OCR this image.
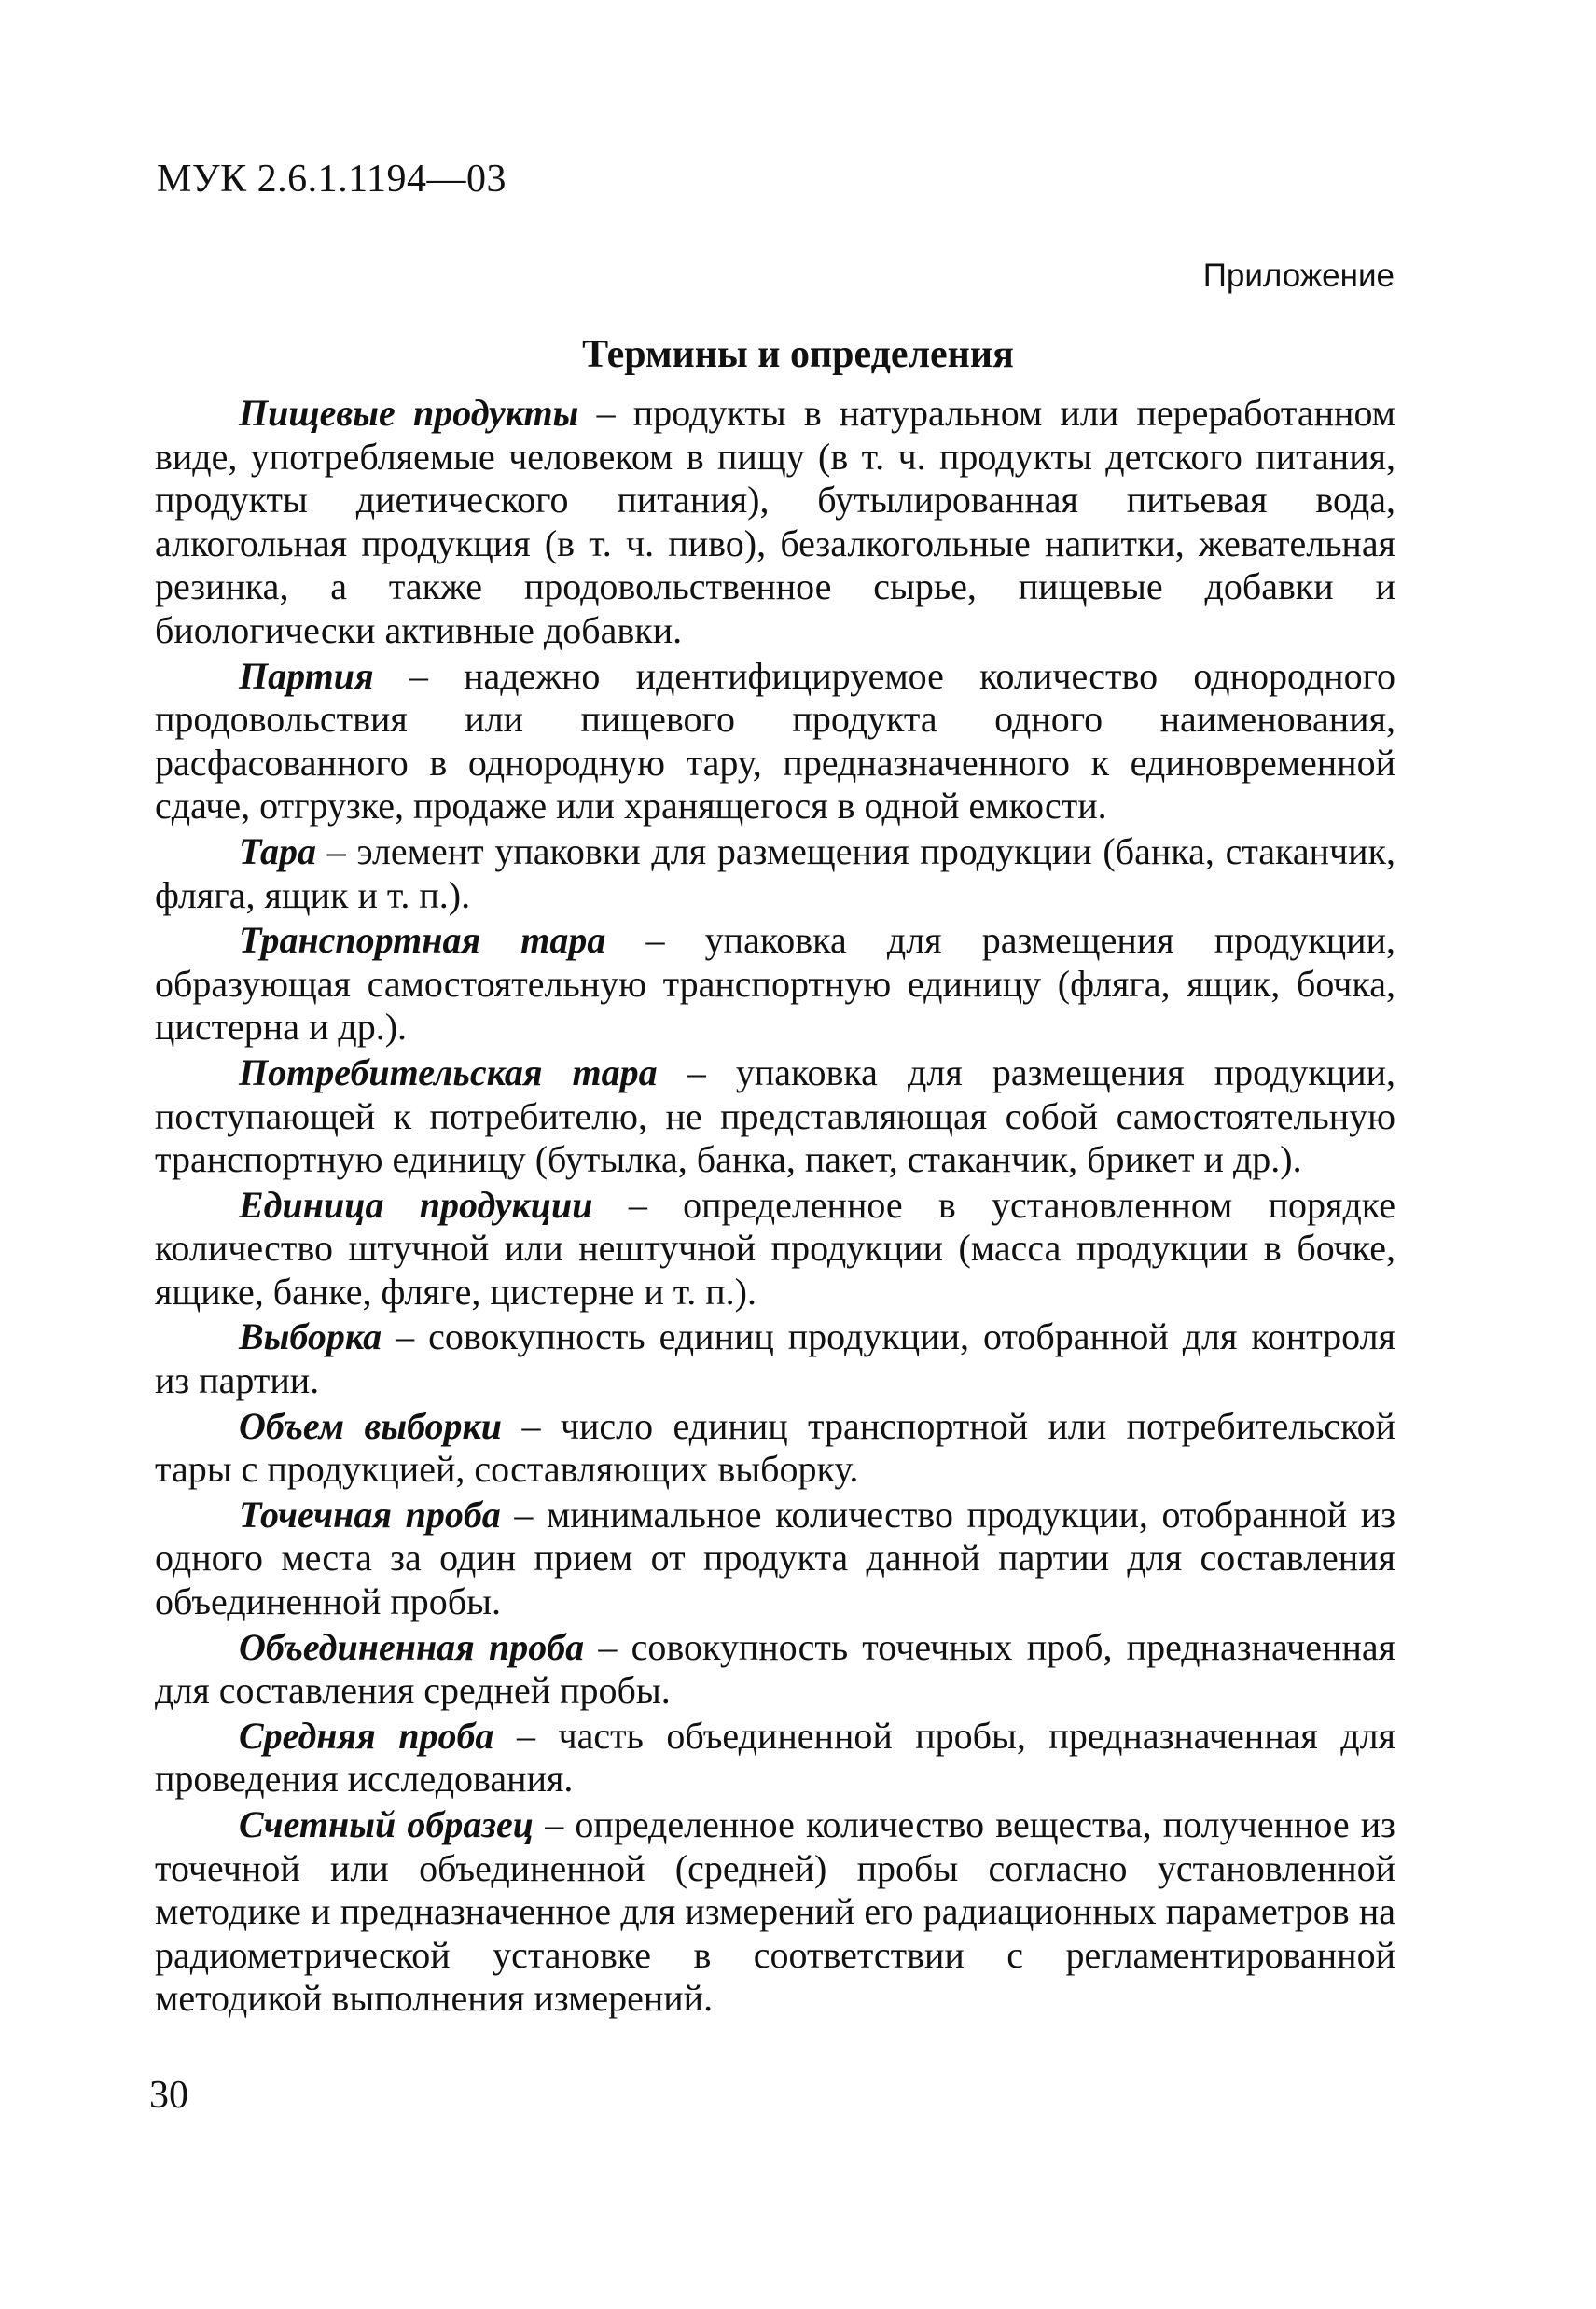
МУК 2.6.1.1194—03
Приложение
Термины и определения

Пищевые продукты – продукты в натуральном или переработанном виде, употребляемые человеком в пищу (в т. ч. продукты детского питания, продукты диетического питания), бутылированная питьевая вода, алкогольная продукция (в т. ч. пиво), безалкогольные напитки, жевательная резинка, а также продовольственное сырье, пищевые добавки и биологически активные добавки.

Партия – надежно идентифицируемое количество однородного продовольствия или пищевого продукта одного наименования, расфасованного в однородную тару, предназначенного к единовременной сдаче, отгрузке, продаже или хранящегося в одной емкости.

Тара – элемент упаковки для размещения продукции (банка, стаканчик, фляга, ящик и т. п.).

Транспортная тара – упаковка для размещения продукции, образующая самостоятельную транспортную единицу (фляга, ящик, бочка, цистерна и др.).

Потребительская тара – упаковка для размещения продукции, поступающей к потребителю, не представляющая собой самостоятельную транспортную единицу (бутылка, банка, пакет, стаканчик, брикет и др.).

Единица продукции – определенное в установленном порядке количество штучной или нештучной продукции (масса продукции в бочке, ящике, банке, фляге, цистерне и т. п.).

Выборка – совокупность единиц продукции, отобранной для контроля из партии.

Объем выборки – число единиц транспортной или потребительской тары с продукцией, составляющих выборку.

Точечная проба – минимальное количество продукции, отобранной из одного места за один прием от продукта данной партии для составления объединенной пробы.

Объединенная проба – совокупность точечных проб, предназначенная для составления средней пробы.

Средняя проба – часть объединенной пробы, предназначенная для проведения исследования.

Счетный образец – определенное количество вещества, полученное из точечной или объединенной (средней) пробы согласно установленной методике и предназначенное для измерений его радиационных параметров на радиометрической установке в соответствии с регламентированной методикой выполнения измерений.

30
